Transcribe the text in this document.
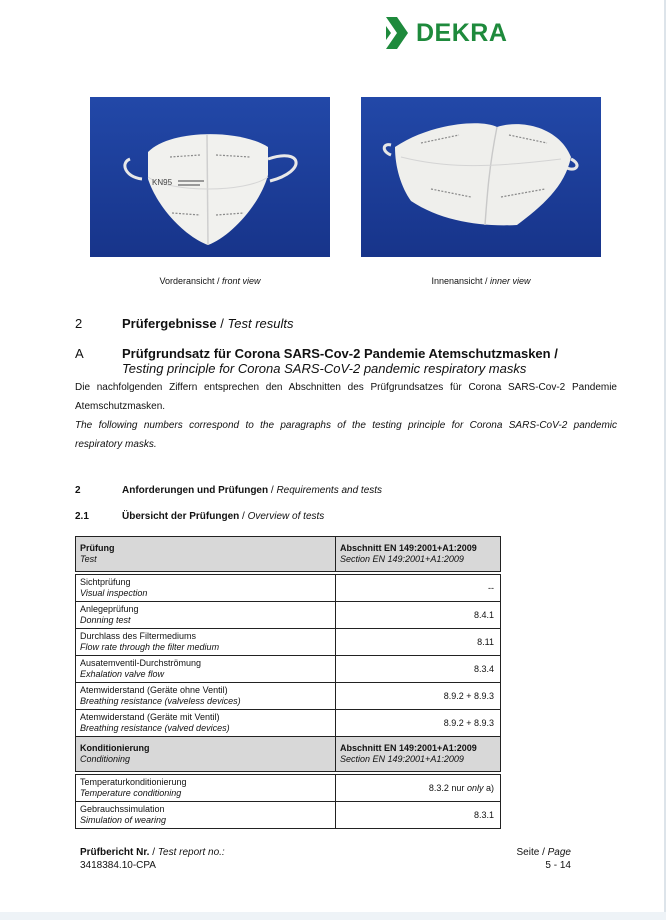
DEKRA
KN95
Vorderansicht / front view	Innenansicht / inner view
2	Prüfergebnisse / Test results
A	Prüfgrundsatz für Corona SARS-Cov-2 Pandemie Atemschutzmasken /
Testing principle for Corona SARS-CoV-2 pandemic respiratory masks
Die nachfolgenden Ziffern entsprechen den Abschnitten des Prüfgrundsatzes für Corona SARS-Cov-2 Pandemie Atemschutzmasken.
The following numbers correspond to the paragraphs of the testing principle for Corona SARS-CoV-2 pandemic respiratory masks.
2	Anforderungen und Prüfungen / Requirements and tests
2.1	Übersicht der Prüfungen / Overview of tests
Prüfung
Test	Abschnitt EN 149:2001+A1:2009
Section EN 149:2001+A1:2009

Sichtprüfung
Visual inspection	--
Anlegeprüfung
Donning test	8.4.1
Durchlass des Filtermediums
Flow rate through the filter medium	8.11
Ausatemventil-Durchströmung
Exhalation valve flow	8.3.4
Atemwiderstand (Geräte ohne Ventil)
Breathing resistance (valveless devices)	8.9.2 + 8.9.3
Atemwiderstand (Geräte mit Ventil)
Breathing resistance (valved devices)	8.9.2 + 8.9.3
Konditionierung
Conditioning	Abschnitt EN 149:2001+A1:2009
Section EN 149:2001+A1:2009

Temperaturkonditionierung
Temperature conditioning	8.3.2 nur only a)
Gebrauchssimulation
Simulation of wearing	8.3.1
Prüfbericht Nr. / Test report no.:
3418384.10-CPA
Seite / Page
5 - 14
